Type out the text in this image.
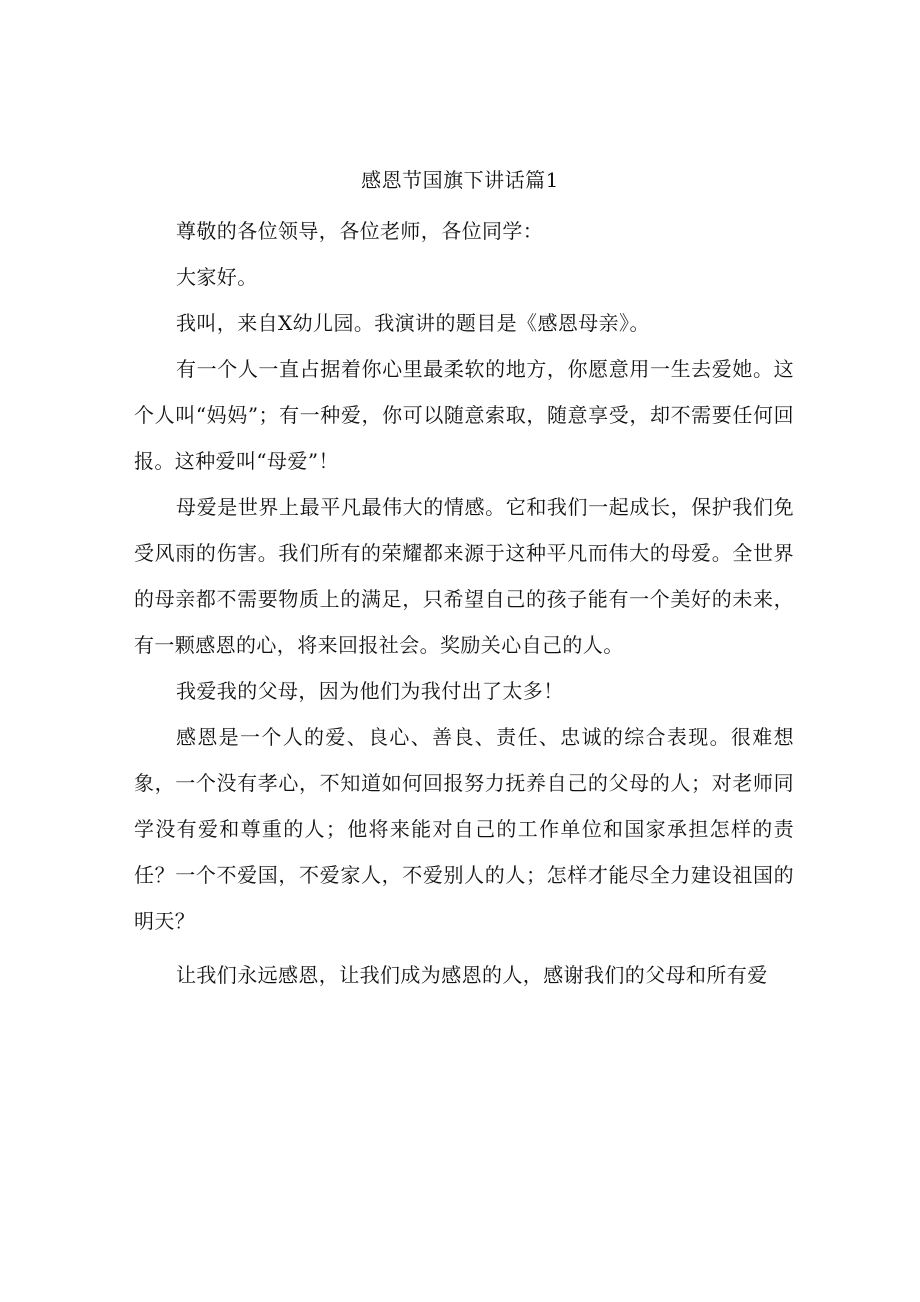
感恩节国旗下讲话篇1

尊敬的各位领导，各位老师，各位同学：

大家好。

我叫，来自X幼儿园。我演讲的题目是《感恩母亲》。

有一个人一直占据着你心里最柔软的地方，你愿意用一生去爱她。这个人叫“妈妈”；有一种爱，你可以随意索取，随意享受，却不需要任何回报。这种爱叫“母爱”！

母爱是世界上最平凡最伟大的情感。它和我们一起成长，保护我们免受风雨的伤害。我们所有的荣耀都来源于这种平凡而伟大的母爱。全世界的母亲都不需要物质上的满足，只希望自己的孩子能有一个美好的未来，有一颗感恩的心，将来回报社会。奖励关心自己的人。

我爱我的父母，因为他们为我付出了太多！

感恩是一个人的爱、良心、善良、责任、忠诚的综合表现。很难想象，一个没有孝心，不知道如何回报努力抚养自己的父母的人；对老师同学没有爱和尊重的人；他将来能对自己的工作单位和国家承担怎样的责任？一个不爱国，不爱家人，不爱别人的人；怎样才能尽全力建设祖国的明天？

让我们永远感恩，让我们成为感恩的人，感谢我们的父母和所有爱
